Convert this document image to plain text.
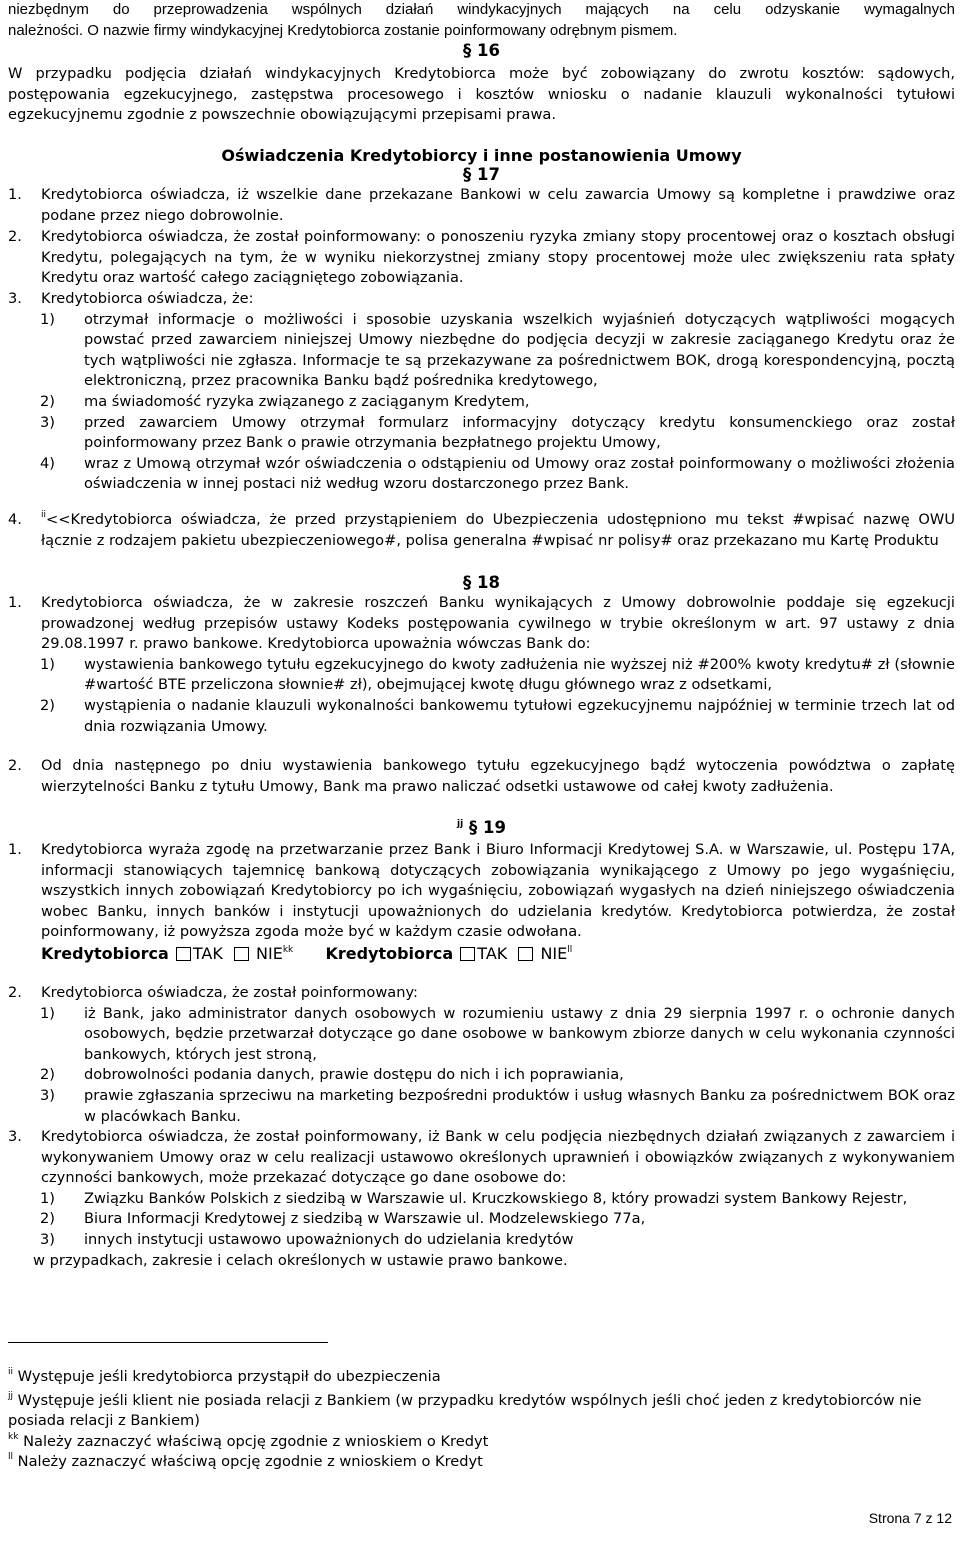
niezbędnym do przeprowadzenia wspólnych działań windykacyjnych mających na celu odzyskanie wymagalnych
należności. O nazwie firmy windykacyjnej Kredytobiorca zostanie poinformowany odrębnym pismem.
§ 16
W przypadku podjęcia działań windykacyjnych Kredytobiorca może być zobowiązany do zwrotu kosztów: sądowych, postępowania egzekucyjnego, zastępstwa procesowego i kosztów wniosku o nadanie klauzuli wykonalności tytułowi egzekucyjnemu zgodnie z powszechnie obowiązującymi przepisami prawa.
Oświadczenia Kredytobiorcy i inne postanowienia Umowy
§ 17
1. Kredytobiorca oświadcza, iż wszelkie dane przekazane Bankowi w celu zawarcia Umowy są kompletne i prawdziwe oraz podane przez niego dobrowolnie.
2. Kredytobiorca oświadcza, że został poinformowany: o ponoszeniu ryzyka zmiany stopy procentowej oraz o kosztach obsługi Kredytu, polegających na tym, że w wyniku niekorzystnej zmiany stopy procentowej może ulec zwiększeniu rata spłaty Kredytu oraz wartość całego zaciągniętego zobowiązania.
3. Kredytobiorca oświadcza, że:
1) otrzymał informacje o możliwości i sposobie uzyskania wszelkich wyjaśnień dotyczących wątpliwości mogących powstać przed zawarciem niniejszej Umowy niezbędne do podjęcia decyzji w zakresie zaciąganego Kredytu oraz że tych wątpliwości nie zgłasza. Informacje te są przekazywane za pośrednictwem BOK, drogą korespondencyjną, pocztą elektroniczną, przez pracownika Banku bądź pośrednika kredytowego,
2) ma świadomość ryzyka związanego z zaciąganym Kredytem,
3) przed zawarciem Umowy otrzymał formularz informacyjny dotyczący kredytu konsumenckiego oraz został poinformowany przez Bank o prawie otrzymania bezpłatnego projektu Umowy,
4) wraz z Umową otrzymał wzór oświadczenia o odstąpieniu od Umowy oraz został poinformowany o możliwości złożenia oświadczenia w innej postaci niż według wzoru dostarczonego przez Bank.
4. $^{ii}$<<Kredytobiorca oświadcza, że przed przystąpieniem do Ubezpieczenia udostępniono mu tekst #wpisać nazwę OWU łącznie z rodzajem pakietu ubezpieczeniowego#, polisa generalna #wpisać nr polisy# oraz przekazano mu Kartę Produktu
§ 18
1. Kredytobiorca oświadcza, że w zakresie roszczeń Banku wynikających z Umowy dobrowolnie poddaje się egzekucji prowadzonej według przepisów ustawy Kodeks postępowania cywilnego w trybie określonym w art. 97 ustawy z dnia 29.08.1997 r. prawo bankowe. Kredytobiorca upoważnia wówczas Bank do:
1) wystawienia bankowego tytułu egzekucyjnego do kwoty zadłużenia nie wyższej niż #200% kwoty kredytu# zł (słownie #wartość BTE przeliczona słownie# zł), obejmującej kwotę długu głównego wraz z odsetkami,
2) wystąpienia o nadanie klauzuli wykonalności bankowemu tytułowi egzekucyjnemu najpóźniej w terminie trzech lat od dnia rozwiązania Umowy.
2. Od dnia następnego po dniu wystawienia bankowego tytułu egzekucyjnego bądź wytoczenia powództwa o zapłatę wierzytelności Banku z tytułu Umowy, Bank ma prawo naliczać odsetki ustawowe od całej kwoty zadłużenia.
$^{jj}$ § 19
1. Kredytobiorca wyraża zgodę na przetwarzanie przez Bank i Biuro Informacji Kredytowej S.A. w Warszawie, ul. Postępu 17A, informacji stanowiących tajemnicę bankową dotyczących zobowiązania wynikającego z Umowy po jego wygaśnięciu, wszystkich innych zobowiązań Kredytobiorcy po ich wygaśnięciu, zobowiązań wygasłych na dzień niniejszego oświadczenia wobec Banku, innych banków i instytucji upoważnionych do udzielania kredytów. Kredytobiorca potwierdza, że został poinformowany, iż powyższa zgoda może być w każdym czasie odwołana.
Kredytobiorca TAK $NIE^{kk}$ Kredytobiorca TAK $NIE^{ll}$
2. Kredytobiorca oświadcza, że został poinformowany:
1) iż Bank, jako administrator danych osobowych w rozumieniu ustawy z dnia 29 sierpnia 1997 r. o ochronie danych osobowych, będzie przetwarzał dotyczące go dane osobowe w bankowym zbiorze danych w celu wykonania czynności bankowych, których jest stroną,
2) dobrowolności podania danych, prawie dostępu do nich i ich poprawiania,
3) prawie zgłaszania sprzeciwu na marketing bezpośredni produktów i usług własnych Banku za pośrednictwem BOK oraz w placówkach Banku.
3. Kredytobiorca oświadcza, że został poinformowany, iż Bank w celu podjęcia niezbędnych działań związanych z zawarciem i wykonywaniem Umowy oraz w celu realizacji ustawowo określonych uprawnień i obowiązków związanych z wykonywaniem czynności bankowych, może przekazać dotyczące go dane osobowe do:
1) Związku Banków Polskich z siedzibą w Warszawie ul. Kruczkowskiego 8, który prowadzi system Bankowy Rejestr,
2) Biura Informacji Kredytowej z siedzibą w Warszawie ul. Modzelewskiego 77a,
3) innych instytucji ustawowo upoważnionych do udzielania kredytów
w przypadkach, zakresie i celach określonych w ustawie prawo bankowe.
$^{ii}$ Występuje jeśli kredytobiorca przystąpił do ubezpieczenia
$^{jj}$ Występuje jeśli klient nie posiada relacji z Bankiem (w przypadku kredytów wspólnych jeśli choć jeden z kredytobiorców nie posiada relacji z Bankiem)
$^{kk}$ Należy zaznaczyć właściwą opcję zgodnie z wnioskiem o Kredyt
$^{ll}$ Należy zaznaczyć właściwą opcję zgodnie z wnioskiem o Kredyt
Strona 7 z 12
